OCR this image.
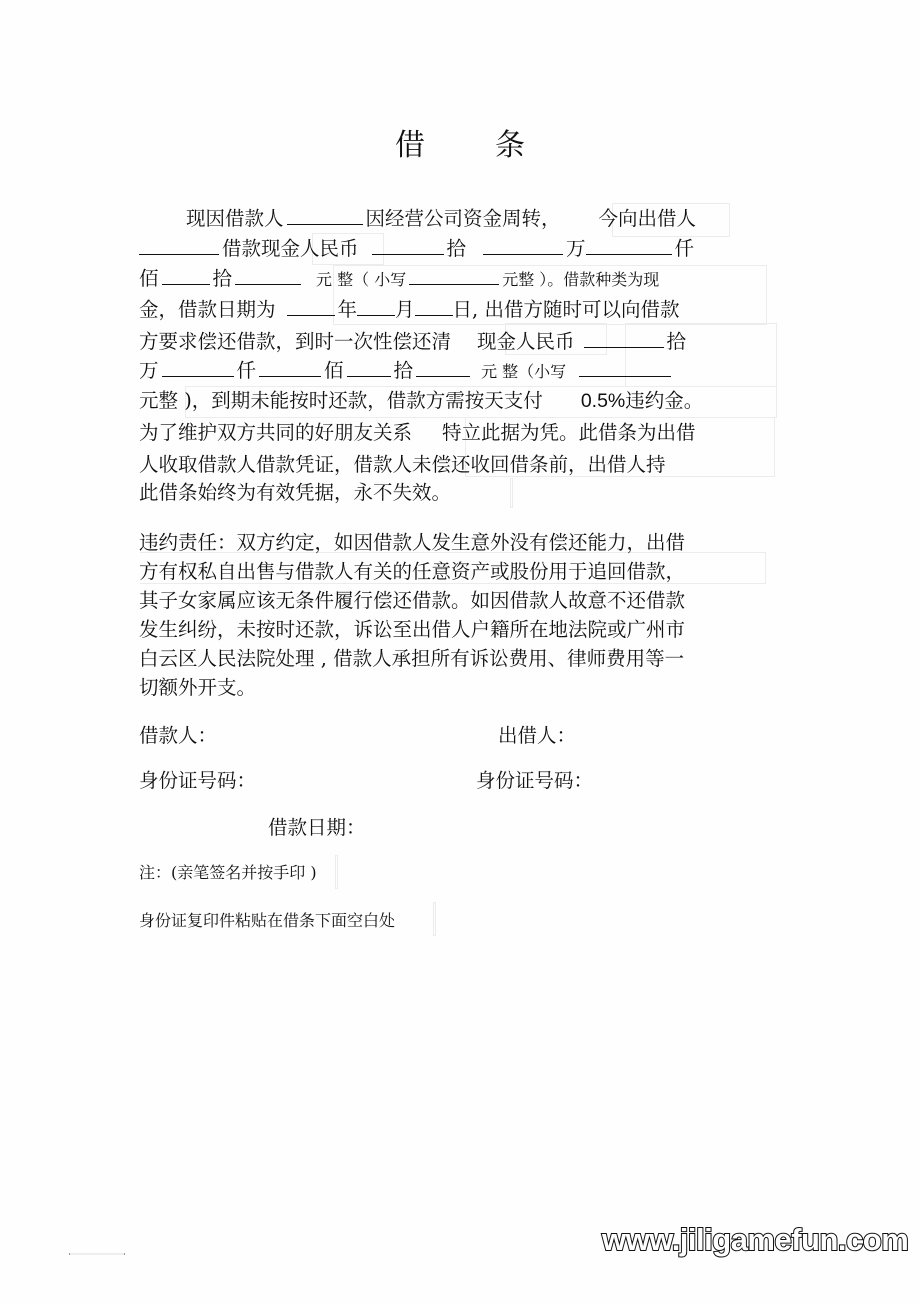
借 条
现因借款人	因经营公司资金周转， 今向出借人
借款现金人民币	拾	万	仟
佰	拾	元 整（ 小写	元整 ）。借款种类为现
金，借款日期为	年 月 日, 出借方随时可以向借款
方要求偿还借款，到时一次性偿还清 现金人民币	拾
万	仟	佰	拾	元 整（小写
元整 )，到期未能按时还款，借款方需按天支付 0.5%违约金。
为了维护双方共同的好朋友关系 特立此据为凭。此借条为出借
人收取借款人借款凭证，借款人未偿还收回借条前，出借人持
此借条始终为有效凭据，永不失效。
违约责任：双方约定，如因借款人发生意外没有偿还能力，出借
方有权私自出售与借款人有关的任意资产或股份用于追回借款，
其子女家属应该无条件履行偿还借款。如因借款人故意不还借款
发生纠纷，未按时还款，诉讼至出借人户籍所在地法院或广州市
白云区人民法院处理 , 借款人承担所有诉讼费用、律师费用等一
切额外开支。
借款人：	出借人：
身份证号码：	身份证号码：
借款日期：
注：(亲笔签名并按手印 )
身份证复印件粘贴在借条下面空白处
www.jiligamefun.com
